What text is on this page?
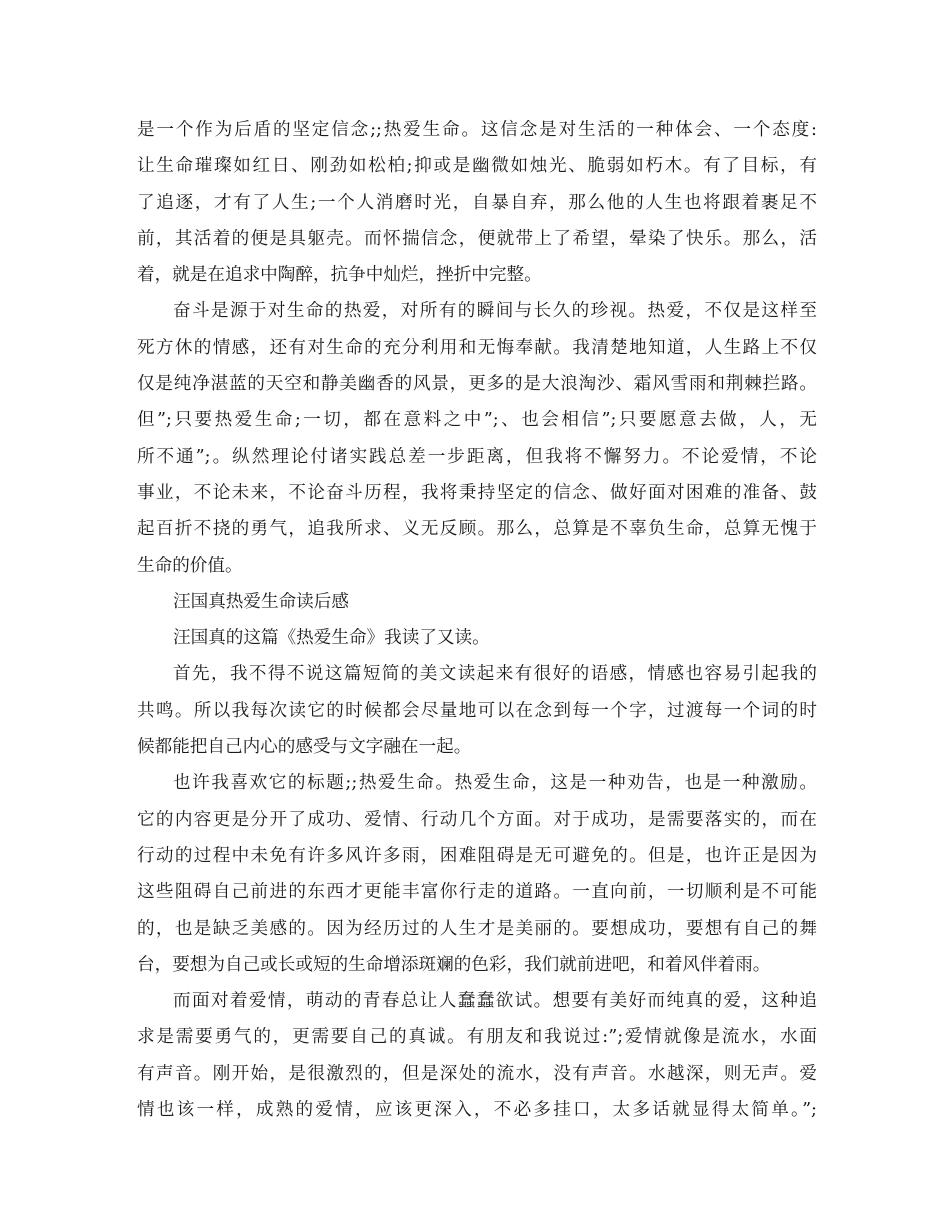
是一个作为后盾的坚定信念;;热爱生命。这信念是对生活的一种体会、一个态度:
让生命璀璨如红日、刚劲如松柏;抑或是幽微如烛光、脆弱如朽木。有了目标，有
了追逐，才有了人生;一个人消磨时光，自暴自弃，那么他的人生也将跟着裹足不
前，其活着的便是具躯壳。而怀揣信念，便就带上了希望，晕染了快乐。那么，活
着，就是在追求中陶醉，抗争中灿烂，挫折中完整。
奋斗是源于对生命的热爱，对所有的瞬间与长久的珍视。热爱，不仅是这样至
死方休的情感，还有对生命的充分利用和无悔奉献。我清楚地知道，人生路上不仅
仅是纯净湛蓝的天空和静美幽香的风景，更多的是大浪淘沙、霜风雪雨和荆棘拦路。
但”;只要热爱生命;一切，都在意料之中”;、也会相信”;只要愿意去做，人，无
所不通”;。纵然理论付诸实践总差一步距离，但我将不懈努力。不论爱情，不论
事业，不论未来，不论奋斗历程，我将秉持坚定的信念、做好面对困难的准备、鼓
起百折不挠的勇气，追我所求、义无反顾。那么，总算是不辜负生命，总算无愧于
生命的价值。
汪国真热爱生命读后感
汪国真的这篇《热爱生命》我读了又读。
首先，我不得不说这篇短简的美文读起来有很好的语感，情感也容易引起我的
共鸣。所以我每次读它的时候都会尽量地可以在念到每一个字，过渡每一个词的时
候都能把自己内心的感受与文字融在一起。
也许我喜欢它的标题;;热爱生命。热爱生命，这是一种劝告，也是一种激励。
它的内容更是分开了成功、爱情、行动几个方面。对于成功，是需要落实的，而在
行动的过程中未免有许多风许多雨，困难阻碍是无可避免的。但是，也许正是因为
这些阻碍自己前进的东西才更能丰富你行走的道路。一直向前，一切顺利是不可能
的，也是缺乏美感的。因为经历过的人生才是美丽的。要想成功，要想有自己的舞
台，要想为自己或长或短的生命增添斑斓的色彩，我们就前进吧，和着风伴着雨。
而面对着爱情，萌动的青春总让人蠢蠢欲试。想要有美好而纯真的爱，这种追
求是需要勇气的，更需要自己的真诚。有朋友和我说过:”;爱情就像是流水，水面
有声音。刚开始，是很激烈的，但是深处的流水，没有声音。水越深，则无声。爱
情也该一样，成熟的爱情，应该更深入，不必多挂口，太多话就显得太简单。”;
